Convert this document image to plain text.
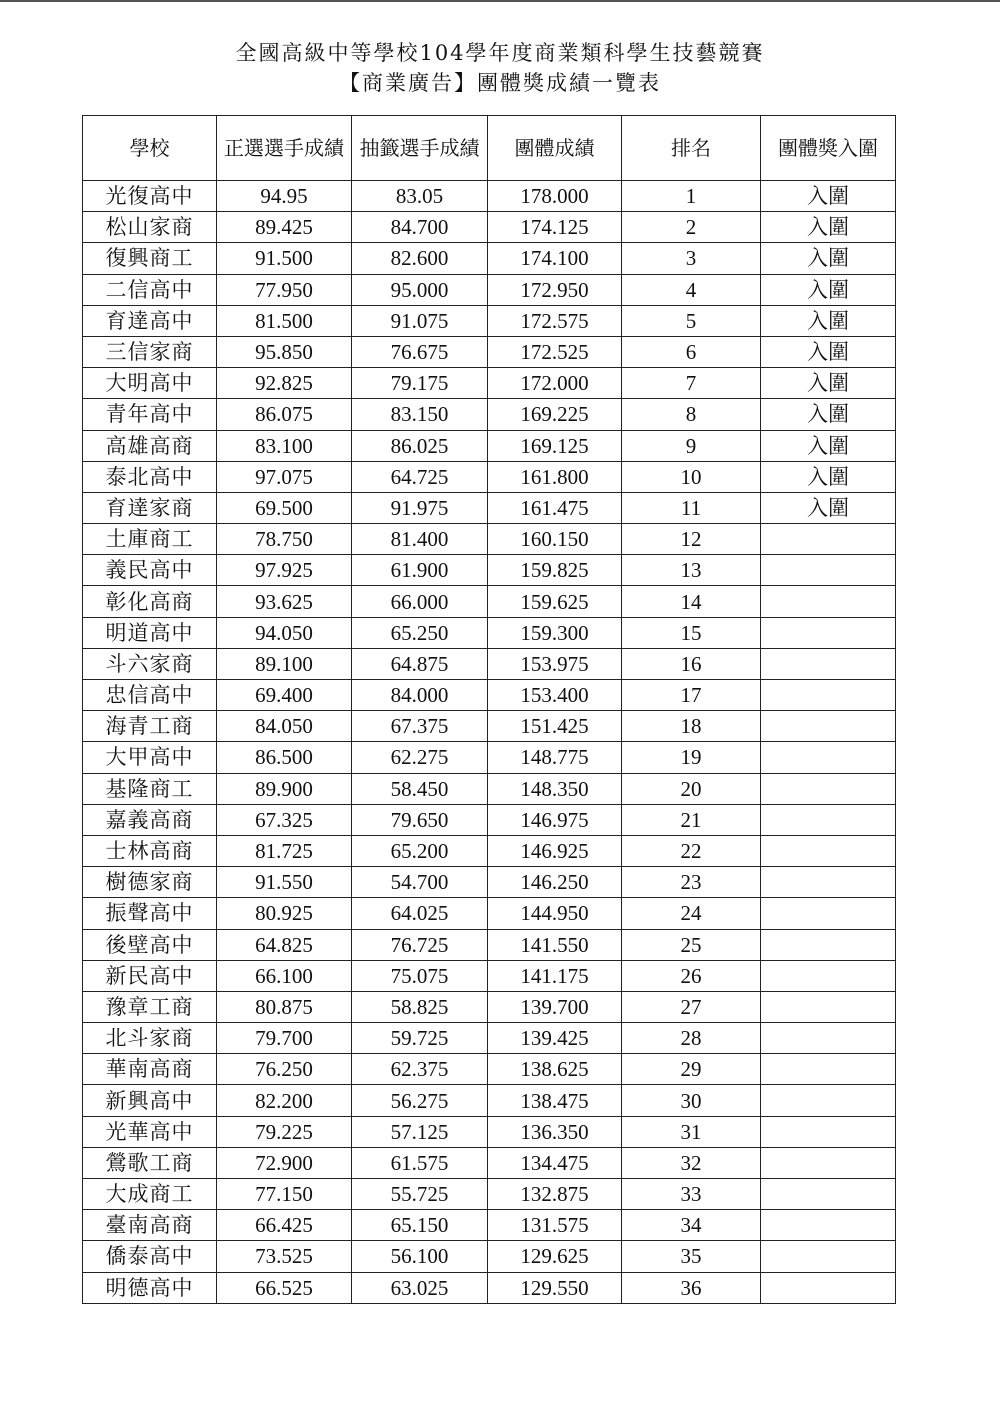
全國高級中等學校104學年度商業類科學生技藝競賽

【商業廣告】團體獎成績一覽表
學校	正選選手成績	抽籤選手成績	團體成績	排名	團體獎入圍
光復高中	94.95	83.05	178.000	1	入圍
松山家商	89.425	84.700	174.125	2	入圍
復興商工	91.500	82.600	174.100	3	入圍
二信高中	77.950	95.000	172.950	4	入圍
育達高中	81.500	91.075	172.575	5	入圍
三信家商	95.850	76.675	172.525	6	入圍
大明高中	92.825	79.175	172.000	7	入圍
青年高中	86.075	83.150	169.225	8	入圍
高雄高商	83.100	86.025	169.125	9	入圍
泰北高中	97.075	64.725	161.800	10	入圍
育達家商	69.500	91.975	161.475	11	入圍
土庫商工	78.750	81.400	160.150	12	
義民高中	97.925	61.900	159.825	13	
彰化高商	93.625	66.000	159.625	14	
明道高中	94.050	65.250	159.300	15	
斗六家商	89.100	64.875	153.975	16	
忠信高中	69.400	84.000	153.400	17	
海青工商	84.050	67.375	151.425	18	
大甲高中	86.500	62.275	148.775	19	
基隆商工	89.900	58.450	148.350	20	
嘉義高商	67.325	79.650	146.975	21	
士林高商	81.725	65.200	146.925	22	
樹德家商	91.550	54.700	146.250	23	
振聲高中	80.925	64.025	144.950	24	
後壁高中	64.825	76.725	141.550	25	
新民高中	66.100	75.075	141.175	26	
豫章工商	80.875	58.825	139.700	27	
北斗家商	79.700	59.725	139.425	28	
華南高商	76.250	62.375	138.625	29	
新興高中	82.200	56.275	138.475	30	
光華高中	79.225	57.125	136.350	31	
鶯歌工商	72.900	61.575	134.475	32	
大成商工	77.150	55.725	132.875	33	
臺南高商	66.425	65.150	131.575	34	
僑泰高中	73.525	56.100	129.625	35	
明德高中	66.525	63.025	129.550	36	
